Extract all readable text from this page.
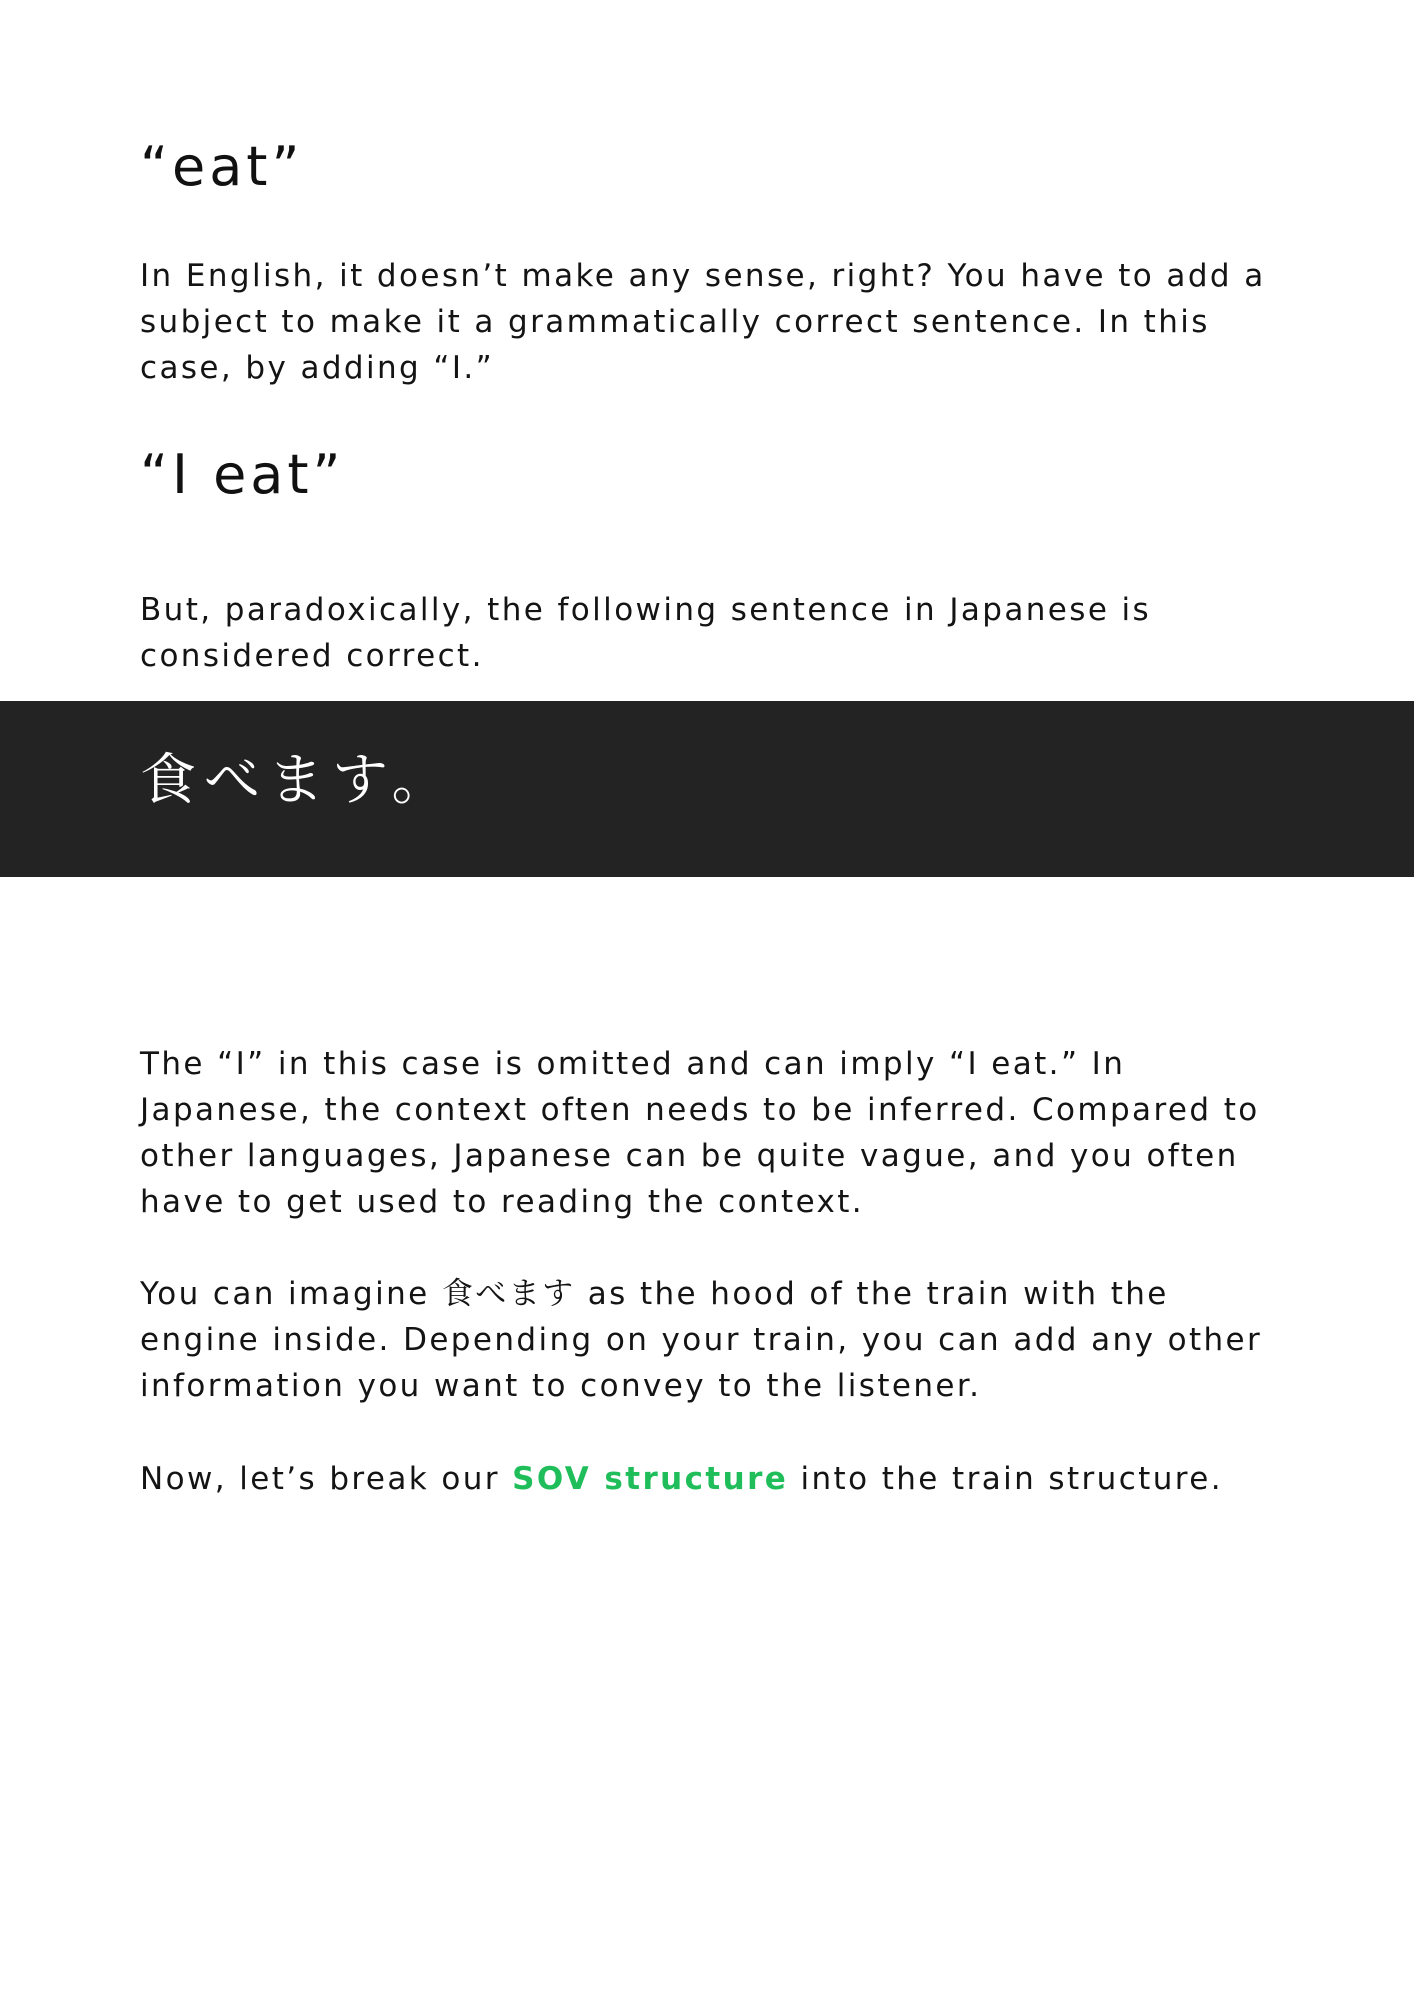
“eat”

In English, it doesn’t make any sense, right? You have to add a subject to make it a grammatically correct sentence. In this case, by adding “I.”

“I eat”

But, paradoxically, the following sentence in Japanese is considered correct.

食べます。

The “I” in this case is omitted and can imply “I eat.” In Japanese, the context often needs to be inferred. Compared to other languages, Japanese can be quite vague, and you often have to get used to reading the context.

You can imagine 食べます as the hood of the train with the engine inside. Depending on your train, you can add any other information you want to convey to the listener.

Now, let’s break our SOV structure into the train structure.
